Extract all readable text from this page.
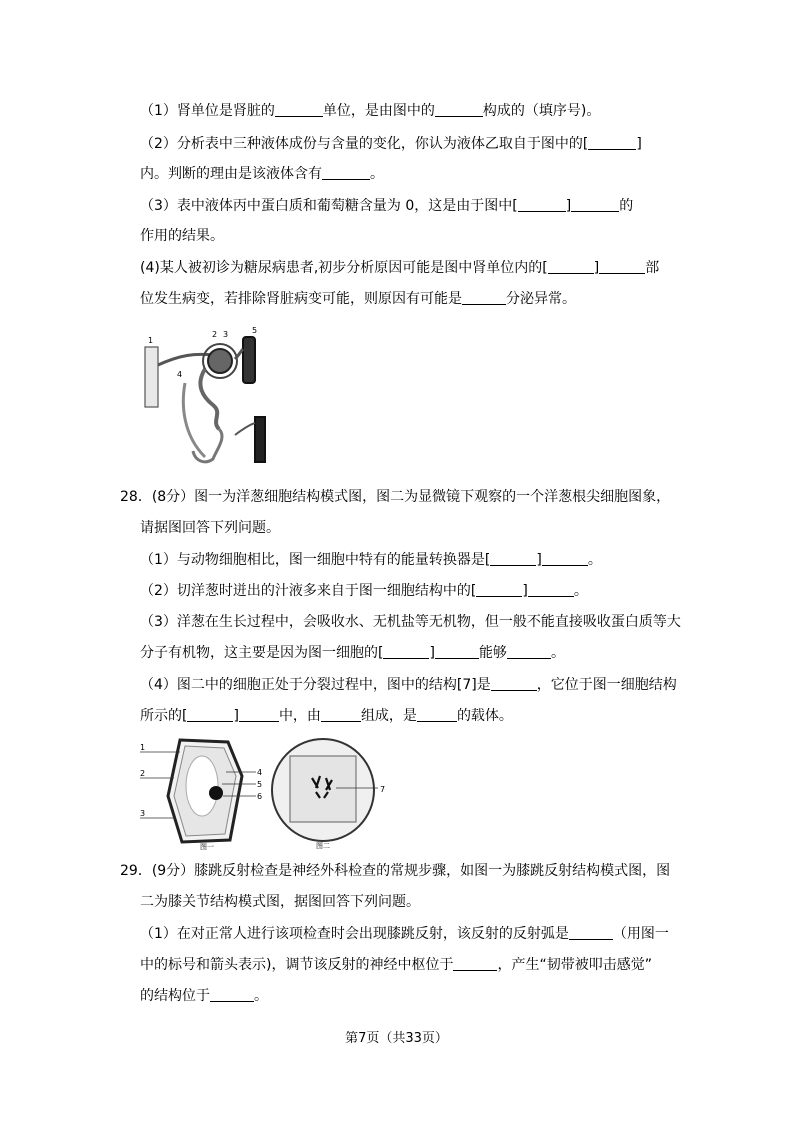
（1）肾单位是肾脏的	单位，是由图中的	构成的（填序号)。
（2）分析表中三种液体成份与含量的变化，你认为液体乙取自于图中的[	]
内。判断的理由是该液体含有	。
（3）表中液体丙中蛋白质和葡萄糖含量为 0，这是由于图中[	]	的
作用的结果。
(4)某人被初诊为糖尿病患者,初步分析原因可能是图中肾单位内的[	]	部
位发生病变，若排除肾脏病变可能，则原因有可能是	分泌异常。
1
2 3
4
5
28．(8分）图一为洋葱细胞结构模式图，图二为显微镜下观察的一个洋葱根尖细胞图象，
请据图回答下列问题。
（1）与动物细胞相比，图一细胞中特有的能量转换器是[	]	。
（2）切洋葱时迸出的汁液多来自于图一细胞结构中的[	]	。
（3）洋葱在生长过程中，会吸收水、无机盐等无机物，但一般不能直接吸收蛋白质等大
分子有机物，这主要是因为图一细胞的[	]	能够	。
（4）图二中的细胞正处于分裂过程中，图中的结构[7]是	，它位于图一细胞结构
所示的[	]	中，由	组成，是	的载体。
1
2
3
4
5
6
图一
7
图二
29．(9分）膝跳反射检查是神经外科检查的常规步骤，如图一为膝跳反射结构模式图，图
二为膝关节结构模式图，据图回答下列问题。
（1）在对正常人进行该项检查时会出现膝跳反射，该反射的反射弧是	（用图一
中的标号和箭头表示)，调节该反射的神经中枢位于	，产生“韧带被叩击感觉”
的结构位于	。
第7页（共33页）
